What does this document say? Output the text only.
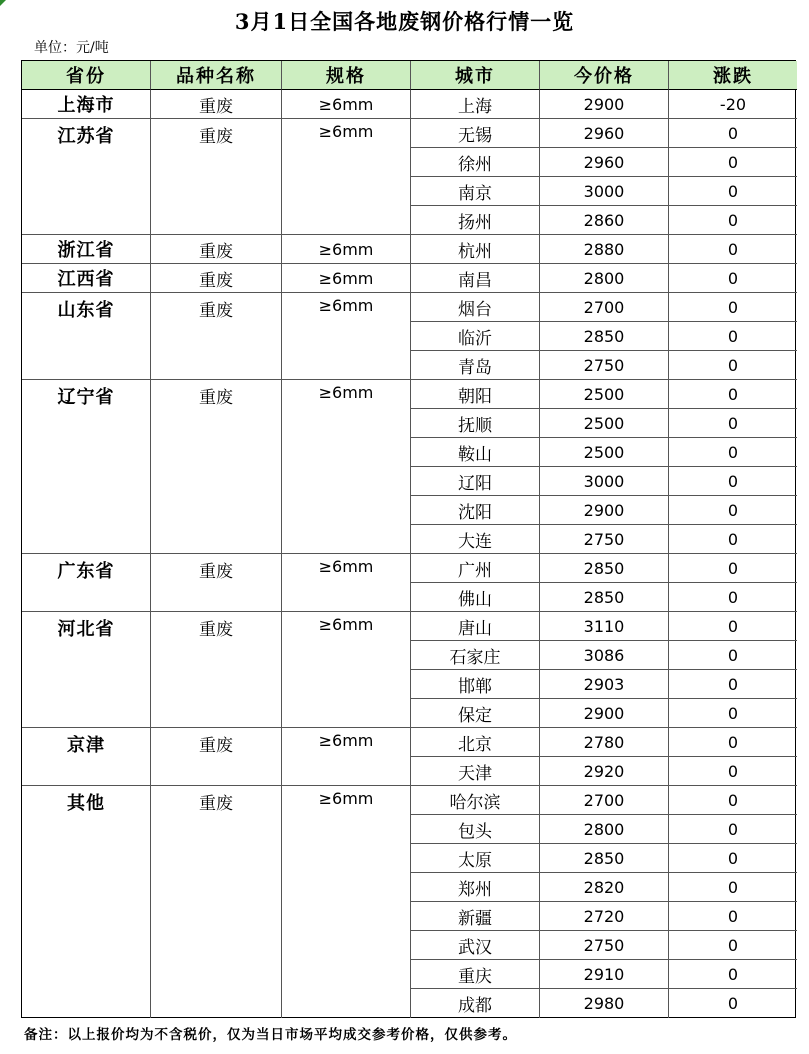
3月1日全国各地废钢价格行情一览
单位：元/吨
省份	品种名称	规格	城市	今价格	涨跌
上海市	重废	≥6mm	上海	2900	-20
江苏省	重废	≥6mm	无锡	2960	0
徐州	2960	0
南京	3000	0
扬州	2860	0
浙江省	重废	≥6mm	杭州	2880	0
江西省	重废	≥6mm	南昌	2800	0
山东省	重废	≥6mm	烟台	2700	0
临沂	2850	0
青岛	2750	0
辽宁省	重废	≥6mm	朝阳	2500	0
抚顺	2500	0
鞍山	2500	0
辽阳	3000	0
沈阳	2900	0
大连	2750	0
广东省	重废	≥6mm	广州	2850	0
佛山	2850	0
河北省	重废	≥6mm	唐山	3110	0
石家庄	3086	0
邯郸	2903	0
保定	2900	0
京津	重废	≥6mm	北京	2780	0
天津	2920	0
其他	重废	≥6mm	哈尔滨	2700	0
包头	2800	0
太原	2850	0
郑州	2820	0
新疆	2720	0
武汉	2750	0
重庆	2910	0
成都	2980	0
备注：以上报价均为不含税价，仅为当日市场平均成交参考价格，仅供参考。
